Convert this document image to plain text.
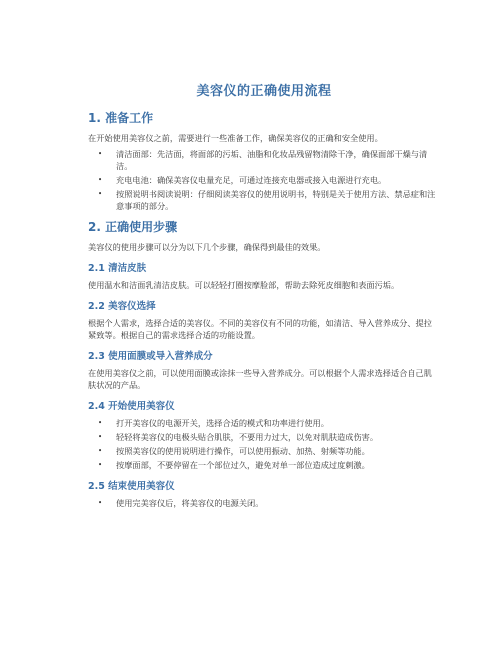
美容仪的正确使用流程
1. 准备工作

在开始使用美容仪之前，需要进行一些准备工作，确保美容仪的正确和安全使用。

• 清洁面部：先洁面，将面部的污垢、油脂和化妆品残留物清除干净，确保面部干燥与清洁。
• 充电电池：确保美容仪电量充足，可通过连接充电器或接入电源进行充电。
• 按照说明书阅读说明：仔细阅读美容仪的使用说明书，特别是关于使用方法、禁忌症和注意事项的部分。
2. 正确使用步骤

美容仪的使用步骤可以分为以下几个步骤，确保得到最佳的效果。

2.1 清洁皮肤

使用温水和洁面乳清洁皮肤。可以轻轻打圈按摩脸部，帮助去除死皮细胞和表面污垢。

2.2 美容仪选择

根据个人需求，选择合适的美容仪。不同的美容仪有不同的功能，如清洁、导入营养成分、提拉紧致等。根据自己的需求选择合适的功能设置。

2.3 使用面膜或导入营养成分

在使用美容仪之前，可以使用面膜或涂抹一些导入营养成分。可以根据个人需求选择适合自己肌肤状况的产品。

2.4 开始使用美容仪
• 打开美容仪的电源开关，选择合适的模式和功率进行使用。
• 轻轻将美容仪的电极头贴合肌肤，不要用力过大，以免对肌肤造成伤害。
• 按照美容仪的使用说明进行操作，可以使用振动、加热、射频等功能。
• 按摩面部，不要停留在一个部位过久，避免对单一部位造成过度刺激。
2.5 结束使用美容仪
• 使用完美容仪后，将美容仪的电源关闭。
